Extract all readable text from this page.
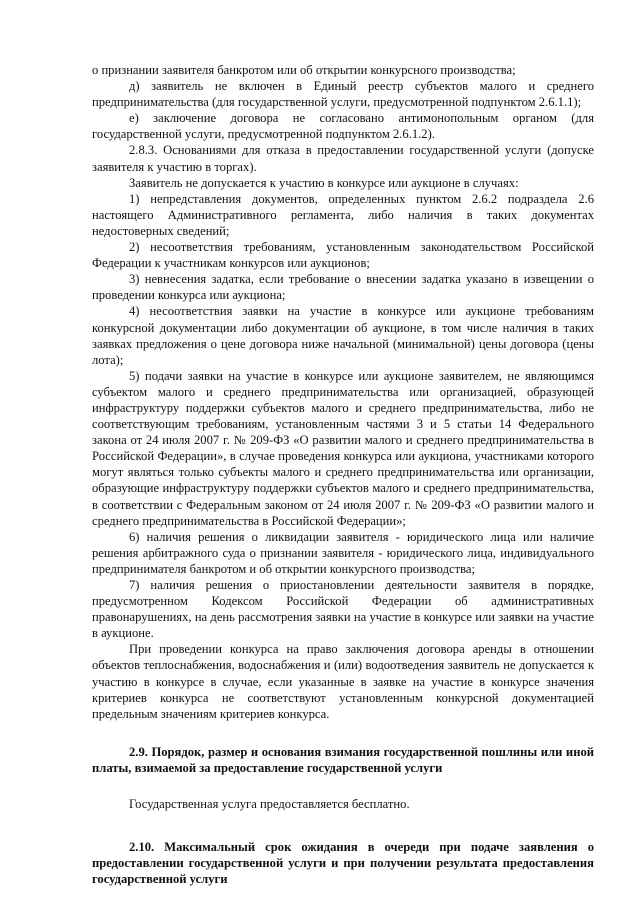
о признании заявителя банкротом или об открытии конкурсного производства;

д) заявитель не включен в Единый реестр субъектов малого и среднего предпринимательства (для государственной услуги, предусмотренной подпунктом 2.6.1.1);

е) заключение договора не согласовано антимонопольным органом (для государственной услуги, предусмотренной подпунктом 2.6.1.2).

2.8.3. Основаниями для отказа в предоставлении государственной услуги (допуске заявителя к участию в торгах).

Заявитель не допускается к участию в конкурсе или аукционе в случаях:

1) непредставления документов, определенных пунктом 2.6.2 подраздела 2.6 настоящего Административного регламента, либо наличия в таких документах недостоверных сведений;

2) несоответствия требованиям, установленным законодательством Российской Федерации к участникам конкурсов или аукционов;

3) невнесения задатка, если требование о внесении задатка указано в извещении о проведении конкурса или аукциона;

4) несоответствия заявки на участие в конкурсе или аукционе требованиям конкурсной документации либо документации об аукционе, в том числе наличия в таких заявках предложения о цене договора ниже начальной (минимальной) цены договора (цены лота);

5) подачи заявки на участие в конкурсе или аукционе заявителем, не являющимся субъектом малого и среднего предпринимательства или организацией, образующей инфраструктуру поддержки субъектов малого и среднего предпринимательства, либо не соответствующим требованиям, установленным частями 3 и 5 статьи 14 Федерального закона от 24 июля 2007 г. № 209-ФЗ «О развитии малого и среднего предпринимательства в Российской Федерации», в случае проведения конкурса или аукциона, участниками которого могут являться только субъекты малого и среднего предпринимательства или организации, образующие инфраструктуру поддержки субъектов малого и среднего предпринимательства, в соответствии с Федеральным законом от 24 июля 2007 г. № 209-ФЗ «О развитии малого и среднего предпринимательства в Российской Федерации»;

6) наличия решения о ликвидации заявителя - юридического лица или наличие решения арбитражного суда о признании заявителя - юридического лица, индивидуального предпринимателя банкротом и об открытии конкурсного производства;

7) наличия решения о приостановлении деятельности заявителя в порядке, предусмотренном Кодексом Российской Федерации об административных правонарушениях, на день рассмотрения заявки на участие в конкурсе или заявки на участие в аукционе.

При проведении конкурса на право заключения договора аренды в отношении объектов теплоснабжения, водоснабжения и (или) водоотведения заявитель не допускается к участию в конкурсе в случае, если указанные в заявке на участие в конкурсе значения критериев конкурса не соответствуют установленным конкурсной документацией предельным значениям критериев конкурса.

2.9. Порядок, размер и основания взимания государственной пошлины или иной платы, взимаемой за предоставление государственной услуги

Государственная услуга предоставляется бесплатно.

2.10. Максимальный срок ожидания в очереди при подаче заявления о предоставлении государственной услуги и при получении результата предоставления государственной услуги
